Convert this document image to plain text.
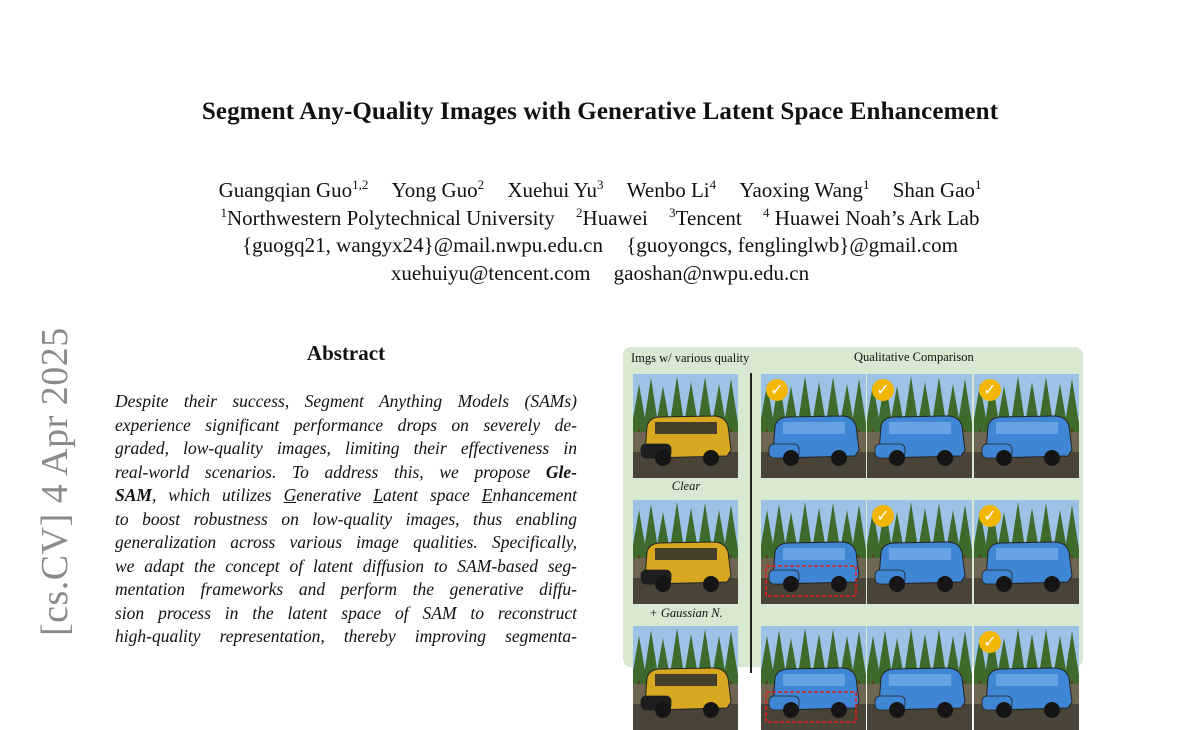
[cs.CV] 4 Apr 2025
Segment Any-Quality Images with Generative Latent Space Enhancement
Guangqian Guo$^{1,2}$ Yong Guo$^2$ Xuehui Yu$^3$ Wenbo Li$^4$ Yaoxing Wang$^1$ Shan Gao$^1$
$^1$Northwestern Polytechnical University $^2$Huawei $^3$Tencent $^4$ Huawei Noah’s Ark Lab
{guogq21, wangyx24}@mail.nwpu.edu.cn {guoyongcs, fenglinglwb}@gmail.com
xuehuiyu@tencent.com gaoshan@nwpu.edu.cn
Abstract
Despite their success, Segment Anything Models (SAMs)
experience significant performance drops on severely de-
graded, low-quality images, limiting their effectiveness in
real-world scenarios. To address this, we propose Gle-
SAM, which utilizes Generative Latent space Enhancement
to boost robustness on low-quality images, thus enabling
generalization across various image qualities. Specifically,
we adapt the concept of latent diffusion to SAM-based seg-
mentation frameworks and perform the generative diffu-
sion process in the latent space of SAM to reconstruct
high-quality representation, thereby improving segmenta-
Imgs w/ various quality	Qualitative Comparison
Clear
✓	✓	✓
+ Gaussian N.
✓	✓
✓
